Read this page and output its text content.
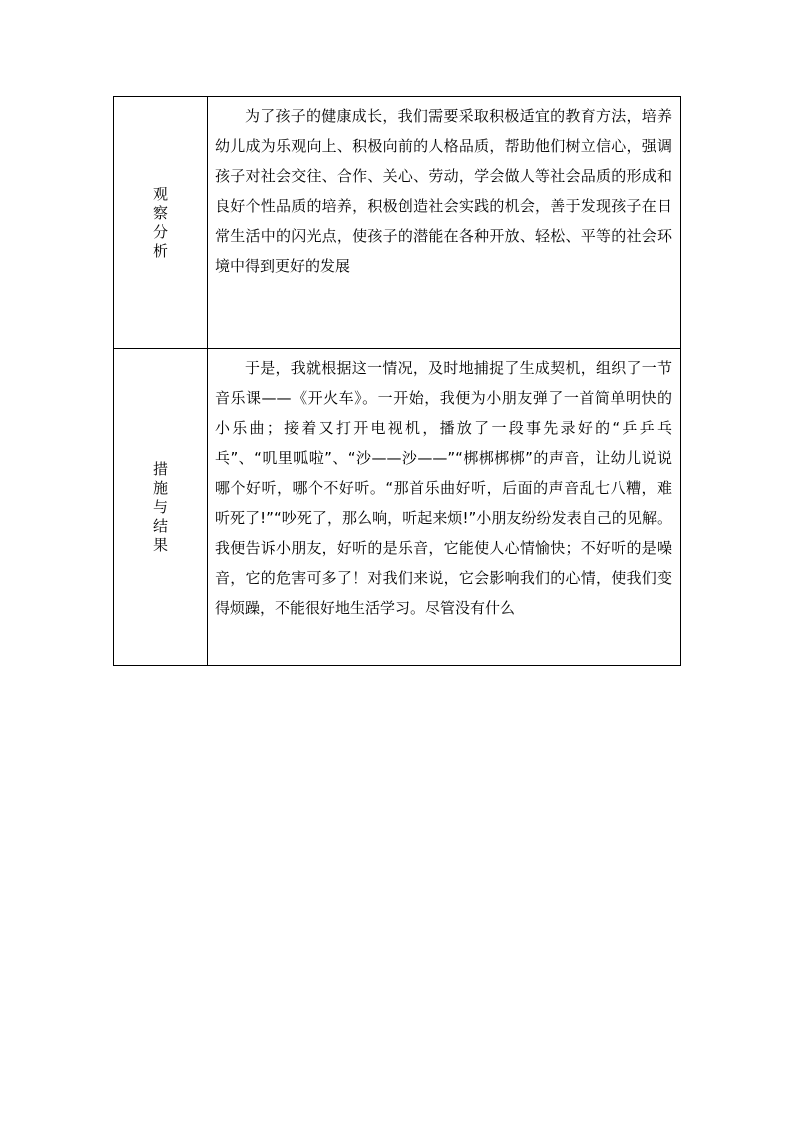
观察分析	为了孩子的健康成长，我们需要采取积极适宜的教育方法，培养幼儿成为乐观向上、积极向前的人格品质，帮助他们树立信心，强调孩子对社会交往、合作、关心、劳动，学会做人等社会品质的形成和良好个性品质的培养，积极创造社会实践的机会，善于发现孩子在日常生活中的闪光点，使孩子的潜能在各种开放、轻松、平等的社会环境中得到更好的发展

措施与结果	于是，我就根据这一情况，及时地捕捉了生成契机，组织了一节音乐课——《开火车》。一开始，我便为小朋友弹了一首简单明快的小乐曲；接着又打开电视机，播放了一段事先录好的“乒乒乓乓”、“叽里呱啦”、“沙——沙——”“梆梆梆梆”的声音，让幼儿说说哪个好听，哪个不好听。“那首乐曲好听，后面的声音乱七八糟，难听死了!”“吵死了，那么响，听起来烦!”小朋友纷纷发表自己的见解。我便告诉小朋友，好听的是乐音，它能使人心情愉快；不好听的是噪音，它的危害可多了！对我们来说，它会影响我们的心情，使我们变得烦躁，不能很好地生活学习。尽管没有什么
